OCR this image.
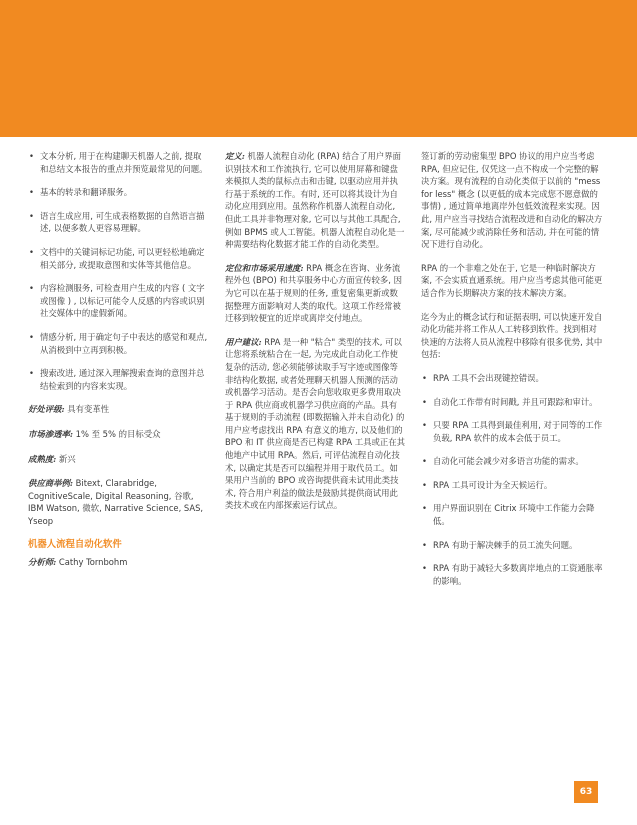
• 文本分析, 用于在构建聊天机器人之前, 提取和总结文本报告的重点并预览最常见的问题。
• 基本的转录和翻译服务。
• 语言生成应用, 可生成表格数据的自然语言描述, 以便多数人更容易理解。
• 文档中的关键词标记功能, 可以更轻松地确定相关部分, 或提取意图和实体等其他信息。
• 内容检测服务, 可检查用户生成的内容 ( 文字或图像 ) , 以标记可能令人反感的内容或识别社交媒体中的虚假新闻。
• 情感分析, 用于确定句子中表达的感觉和观点, 从消极到中立再到积极。
• 搜索改进, 通过深入理解搜索查询的意图并总结检索到的内容来实现。

好处评级: 具有变革性

市场渗透率: 1% 至 5% 的目标受众

成熟度: 新兴

供应商举例: Bitext, Clarabridge, CognitiveScale, Digital Reasoning, 谷歌, IBM Watson, 微软, Narrative Science, SAS, Yseop

机器人流程自动化软件

分析师: Cathy Tornbohm

定义: 机器人流程自动化 (RPA) 结合了用户界面识别技术和工作流执行, 它可以使用屏幕和键盘来模拟人类的鼠标点击和击键, 以驱动应用并执行基于系统的工作。有时, 还可以将其设计为自动化应用到应用。虽然称作机器人流程自动化, 但此工具并非物理对象, 它可以与其他工具配合, 例如 BPMS 或人工智能。机器人流程自动化是一种需要结构化数据才能工作的自动化类型。

定位和市场采用速度: RPA 概念在咨询、业务流程外包 (BPO) 和共享服务中心方面宣传较多, 因为它可以在基于规则的任务, 重复密集更新或数据整理方面影响对人类的取代。这项工作经常被迁移到较便宜的近岸或离岸交付地点。

用户建议: RPA 是一种 "粘合" 类型的技术, 可以让您将系统粘合在一起, 为完成此自动化工作使复杂的活动, 您必须能够读取手写字迹或图像等非结构化数据, 或者处理聊天机器人预测的活动或机器学习活动。是否会向您收取更多费用取决于 RPA 供应商或机器学习供应商的产品。具有基于规则的手动流程 (即数据输入并未自动化) 的用户应考虑找出 RPA 有意义的地方, 以及他们的 BPO 和 IT 供应商是否已构建 RPA 工具或正在其他地产中试用 RPA。然后, 可评估流程自动化技术, 以确定其是否可以编程并用于取代员工。如果用户当前的 BPO 或咨询提供商未试用此类技术, 符合用户利益的做法是鼓励其提供商试用此类技术或在内部探索运行试点。

签订新的劳动密集型 BPO 协议的用户应当考虑 RPA, 但应记住, 仅凭这一点不构成一个完整的解决方案。现有流程的自动化类似于以前的 "mess for less" 概念 (以更低的成本完成您不愿意做的事情) , 通过简单地离岸外包低效流程来实现。因此, 用户应当寻找结合流程改进和自动化的解决方案, 尽可能减少或消除任务和活动, 并在可能的情况下进行自动化。

RPA 的一个非难之处在于, 它是一种临时解决方案, 不会实质直通系统。用户应当考虑其他可能更适合作为长期解决方案的技术解决方案。

迄今为止的概念试行和证据表明, 可以快速开发自动化功能并将工作从人工转移到软件。找到相对快速的方法将人员从流程中移除有很多优势, 其中包括:

• RPA 工具不会出现键控错误。
• 自动化工作带有时间戳, 并且可跟踪和审计。
• 只要 RPA 工具得到最佳利用, 对于同等的工作负载, RPA 软件的成本会低于员工。
• 自动化可能会减少对多语言功能的需求。
• RPA 工具可设计为全天候运行。
• 用户界面识别在 Citrix 环境中工作能力会降低。
• RPA 有助于解决棘手的员工流失问题。
• RPA 有助于减轻大多数离岸地点的工资通胀率的影响。
63
